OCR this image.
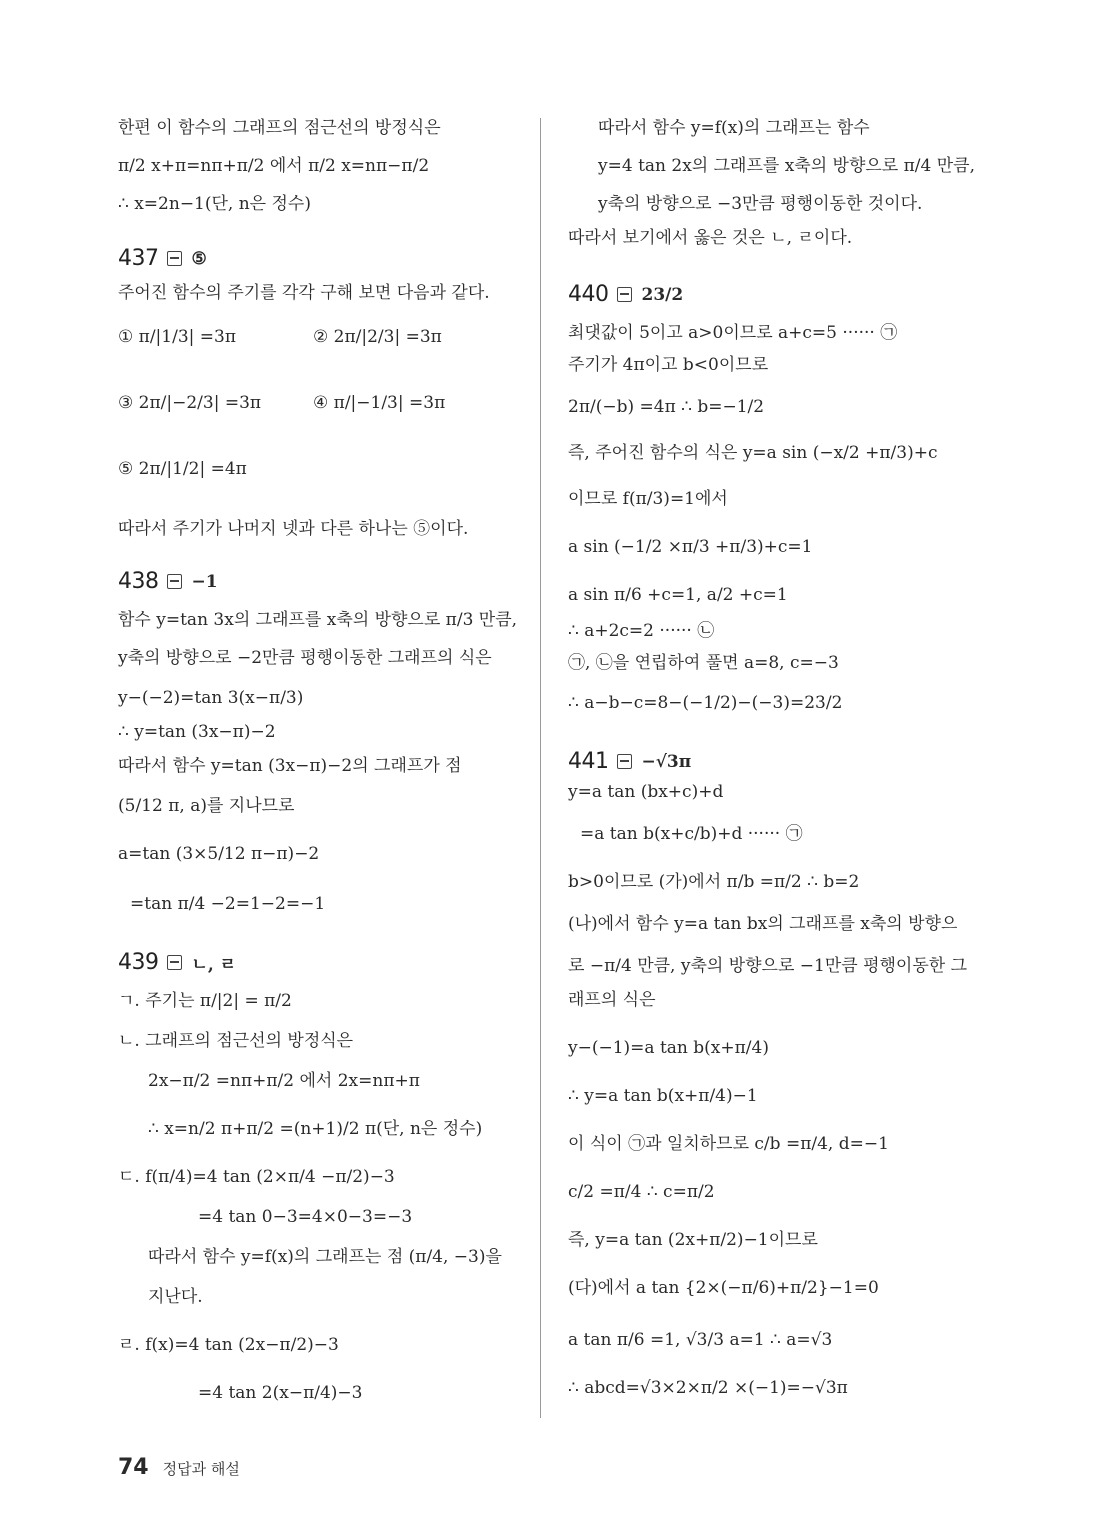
한편 이 함수의 그래프의 점근선의 방정식은

π/2 x+π=nπ+π/2 에서 π/2 x=nπ−π/2

∴ x=2n−1(단, n은 정수)

437 ⑤

주어진 함수의 주기를 각각 구해 보면 다음과 같다.

① π/|1/3| =3π	② 2π/|2/3| =3π
③ 2π/|−2/3| =3π	④ π/|−1/3| =3π
⑤ 2π/|1/2| =4π

따라서 주기가 나머지 넷과 다른 하나는 ⑤이다.

438 −1

함수 y=tan 3x의 그래프를 x축의 방향으로 π/3 만큼,

y축의 방향으로 −2만큼 평행이동한 그래프의 식은

y−(−2)=tan 3(x−π/3)

∴ y=tan (3x−π)−2

따라서 함수 y=tan (3x−π)−2의 그래프가 점

(5/12 π, a)를 지나므로

a=tan (3×5/12 π−π)−2

=tan π/4 −2=1−2=−1

439 ㄴ, ㄹ

ㄱ. 주기는 π/|2| = π/2

ㄴ. 그래프의 점근선의 방정식은

2x−π/2 =nπ+π/2 에서 2x=nπ+π

∴ x=n/2 π+π/2 =(n+1)/2 π(단, n은 정수)

ㄷ. f(π/4)=4 tan (2×π/4 −π/2)−3

=4 tan 0−3=4×0−3=−3

따라서 함수 y=f(x)의 그래프는 점 (π/4, −3)을

지난다.

ㄹ. f(x)=4 tan (2x−π/2)−3

=4 tan 2(x−π/4)−3

따라서 함수 y=f(x)의 그래프는 함수

y=4 tan 2x의 그래프를 x축의 방향으로 π/4 만큼,

y축의 방향으로 −3만큼 평행이동한 것이다.

따라서 보기에서 옳은 것은 ㄴ, ㄹ이다.

440 23/2

최댓값이 5이고 a>0이므로 a+c=5 ······ ㉠

주기가 4π이고 b<0이므로

2π/(−b) =4π ∴ b=−1/2

즉, 주어진 함수의 식은 y=a sin (−x/2 +π/3)+c

이므로 f(π/3)=1에서

a sin (−1/2 ×π/3 +π/3)+c=1

a sin π/6 +c=1, a/2 +c=1

∴ a+2c=2 ······ ㉡

㉠, ㉡을 연립하여 풀면 a=8, c=−3

∴ a−b−c=8−(−1/2)−(−3)=23/2

441 −√3π

y=a tan (bx+c)+d

=a tan b(x+c/b)+d ······ ㉠

b>0이므로 (가)에서 π/b =π/2 ∴ b=2

(나)에서 함수 y=a tan bx의 그래프를 x축의 방향으

로 −π/4 만큼, y축의 방향으로 −1만큼 평행이동한 그

래프의 식은

y−(−1)=a tan b(x+π/4)

∴ y=a tan b(x+π/4)−1

이 식이 ㉠과 일치하므로 c/b =π/4, d=−1

c/2 =π/4 ∴ c=π/2

즉, y=a tan (2x+π/2)−1이므로

(다)에서 a tan {2×(−π/6)+π/2}−1=0

a tan π/6 =1, √3/3 a=1 ∴ a=√3

∴ abcd=√3×2×π/2 ×(−1)=−√3π

74 정답과 해설
